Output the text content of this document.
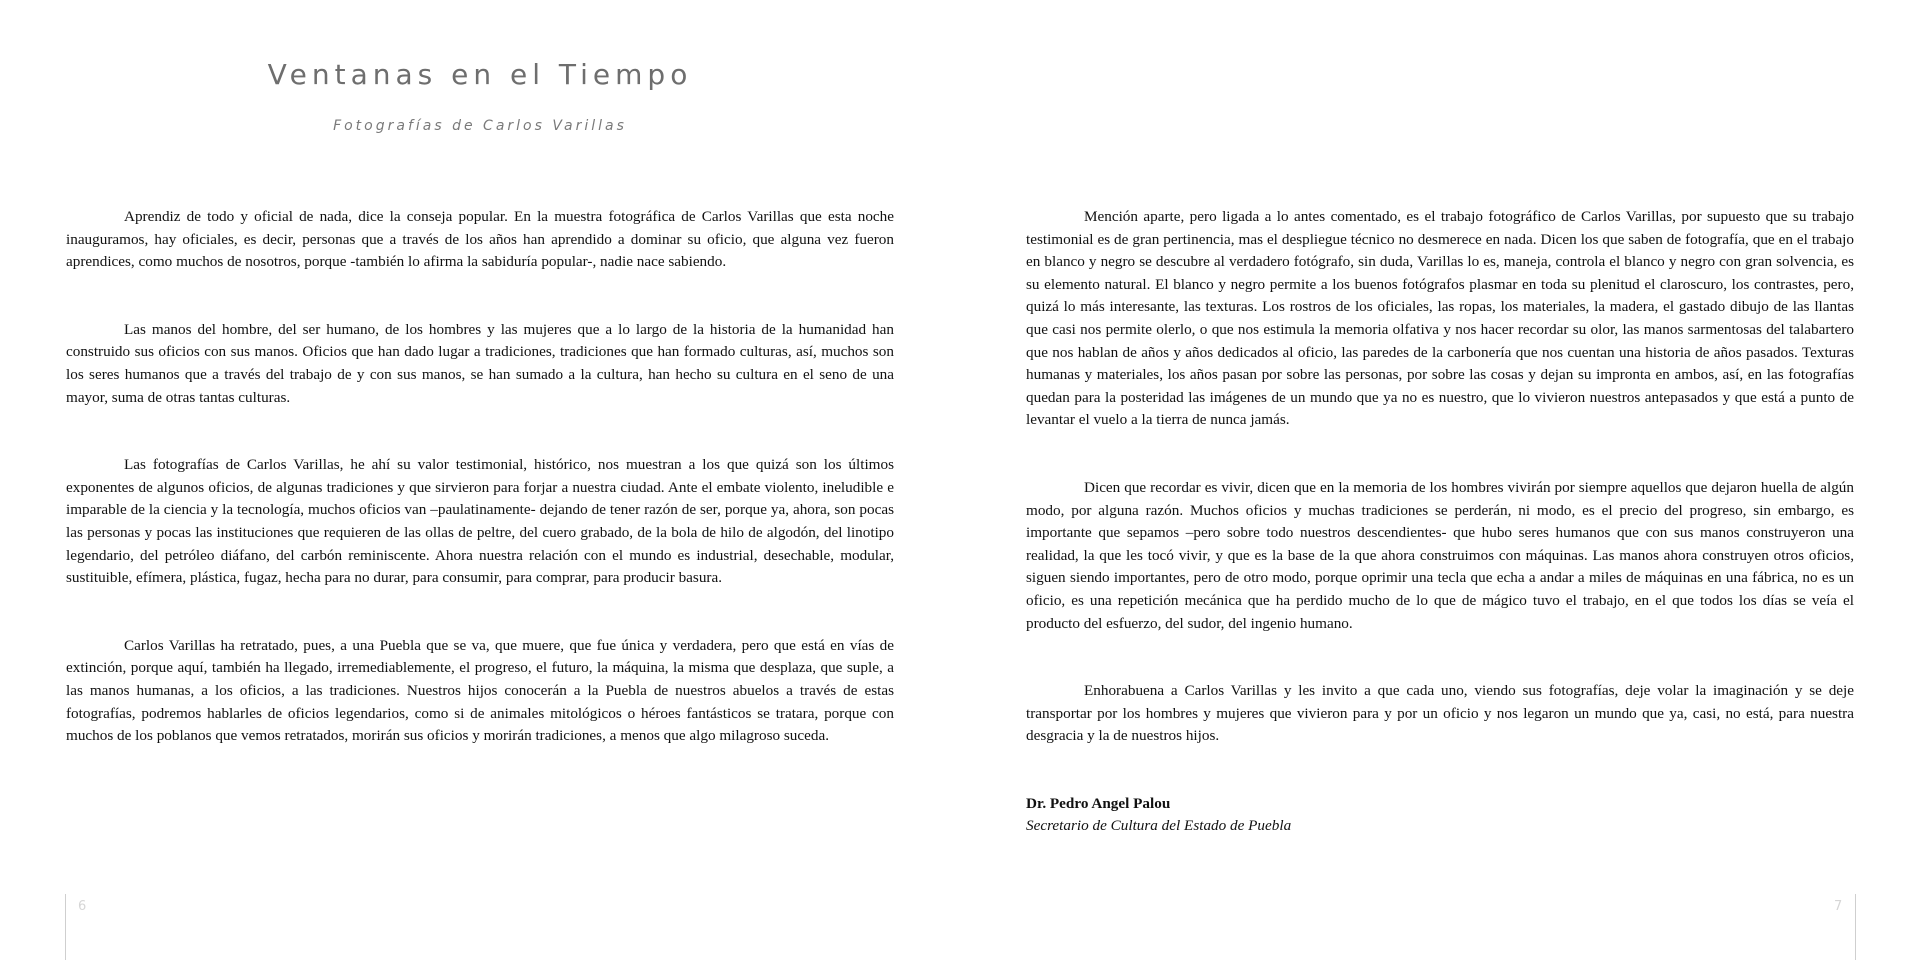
Ventanas en el Tiempo
Fotografías de Carlos Varillas

Aprendiz de todo y oficial de nada, dice la conseja popular. En la muestra fotográfica de Carlos Varillas que esta noche inauguramos, hay oficiales, es decir, personas que a través de los años han aprendido a dominar su oficio, que alguna vez fueron aprendices, como muchos de nosotros, porque -también lo afirma la sabiduría popular-, nadie nace sabiendo.

Las manos del hombre, del ser humano, de los hombres y las mujeres que a lo largo de la historia de la humanidad han construido sus oficios con sus manos. Oficios que han dado lugar a tradiciones, tradiciones que han formado culturas, así, muchos son los seres humanos que a través del trabajo de y con sus manos, se han sumado a la cultura, han hecho su cultura en el seno de una mayor, suma de otras tantas culturas.

Las fotografías de Carlos Varillas, he ahí su valor testimonial, histórico, nos muestran a los que quizá son los últimos exponentes de algunos oficios, de algunas tradiciones y que sirvieron para forjar a nuestra ciudad. Ante el embate violento, ineludible e imparable de la ciencia y la tecnología, muchos oficios van –paulatinamente- dejando de tener razón de ser, porque ya, ahora, son pocas las personas y pocas las instituciones que requieren de las ollas de peltre, del cuero grabado, de la bola de hilo de algodón, del linotipo legendario, del petróleo diáfano, del carbón reminiscente. Ahora nuestra relación con el mundo es industrial, desechable, modular, sustituible, efímera, plástica, fugaz, hecha para no durar, para consumir, para comprar, para producir basura.

Carlos Varillas ha retratado, pues, a una Puebla que se va, que muere, que fue única y verdadera, pero que está en vías de extinción, porque aquí, también ha llegado, irremediablemente, el progreso, el futuro, la máquina, la misma que desplaza, que suple, a las manos humanas, a los oficios, a las tradiciones. Nuestros hijos conocerán a la Puebla de nuestros abuelos a través de estas fotografías, podremos hablarles de oficios legendarios, como si de animales mitológicos o héroes fantásticos se tratara, porque con muchos de los poblanos que vemos retratados, morirán sus oficios y morirán tradiciones, a menos que algo milagroso suceda.

6

Mención aparte, pero ligada a lo antes comentado, es el trabajo fotográfico de Carlos Varillas, por supuesto que su trabajo testimonial es de gran pertinencia, mas el despliegue técnico no desmerece en nada. Dicen los que saben de fotografía, que en el trabajo en blanco y negro se descubre al verdadero fotógrafo, sin duda, Varillas lo es, maneja, controla el blanco y negro con gran solvencia, es su elemento natural. El blanco y negro permite a los buenos fotógrafos plasmar en toda su plenitud el claroscuro, los contrastes, pero, quizá lo más interesante, las texturas. Los rostros de los oficiales, las ropas, los materiales, la madera, el gastado dibujo de las llantas que casi nos permite olerlo, o que nos estimula la memoria olfativa y nos hacer recordar su olor, las manos sarmentosas del talabartero que nos hablan de años y años dedicados al oficio, las paredes de la carbonería que nos cuentan una historia de años pasados. Texturas humanas y materiales, los años pasan por sobre las personas, por sobre las cosas y dejan su impronta en ambos, así, en las fotografías quedan para la posteridad las imágenes de un mundo que ya no es nuestro, que lo vivieron nuestros antepasados y que está a punto de levantar el vuelo a la tierra de nunca jamás.

Dicen que recordar es vivir, dicen que en la memoria de los hombres vivirán por siempre aquellos que dejaron huella de algún modo, por alguna razón. Muchos oficios y muchas tradiciones se perderán, ni modo, es el precio del progreso, sin embargo, es importante que sepamos –pero sobre todo nuestros descendientes- que hubo seres humanos que con sus manos construyeron una realidad, la que les tocó vivir, y que es la base de la que ahora construimos con máquinas. Las manos ahora construyen otros oficios, siguen siendo importantes, pero de otro modo, porque oprimir una tecla que echa a andar a miles de máquinas en una fábrica, no es un oficio, es una repetición mecánica que ha perdido mucho de lo que de mágico tuvo el trabajo, en el que todos los días se veía el producto del esfuerzo, del sudor, del ingenio humano.

Enhorabuena a Carlos Varillas y les invito a que cada uno, viendo sus fotografías, deje volar la imaginación y se deje transportar por los hombres y mujeres que vivieron para y por un oficio y nos legaron un mundo que ya, casi, no está, para nuestra desgracia y la de nuestros hijos.

Dr. Pedro Angel Palou
Secretario de Cultura del Estado de Puebla
7
